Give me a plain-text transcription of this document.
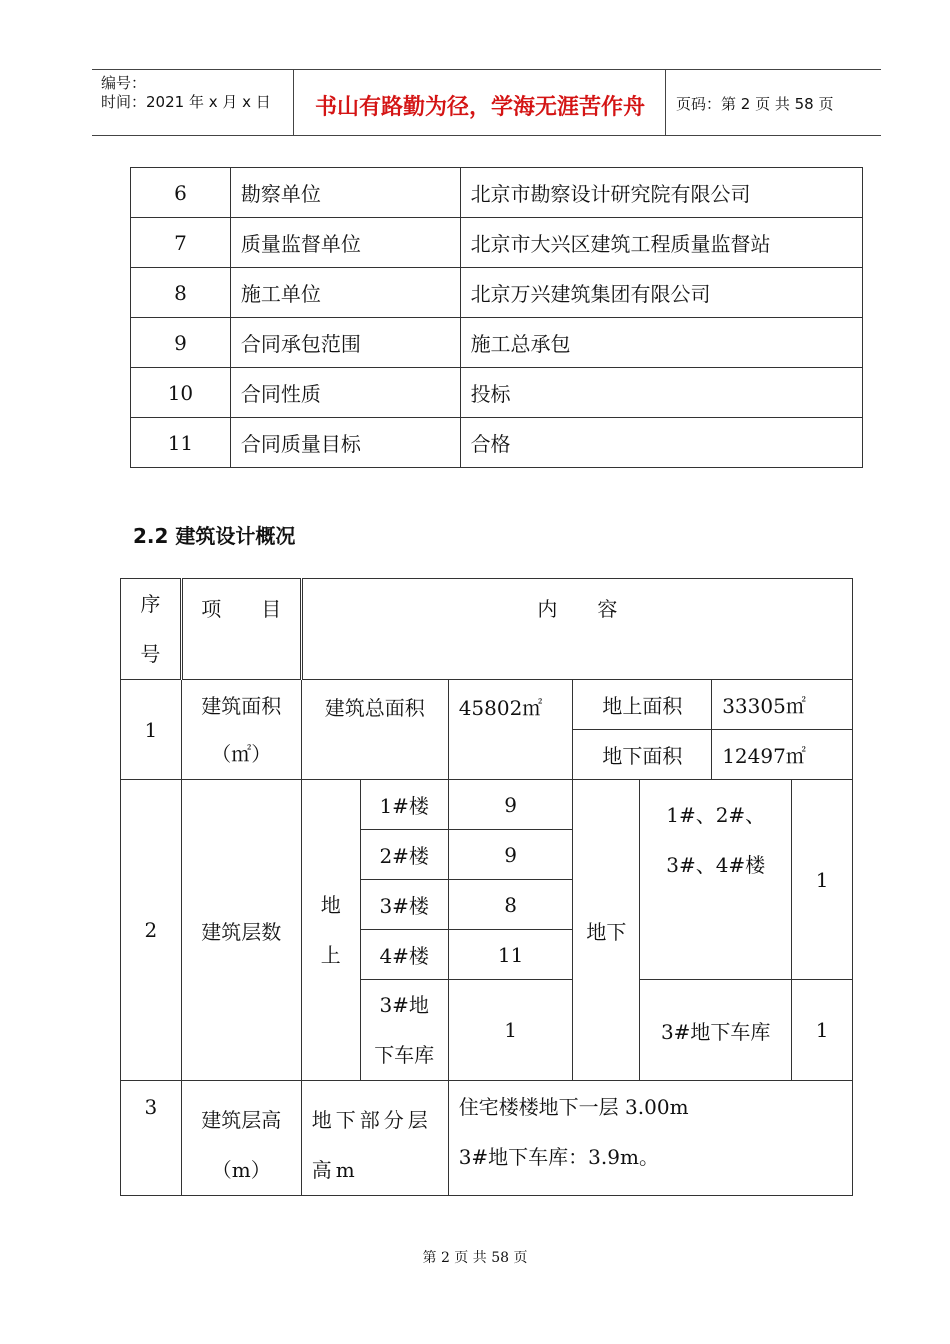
编号：
时间：2021 年 x 月 x 日	书山有路勤为径，学海无涯苦作舟	页码：第 2 页 共 58 页
6	勘察单位	北京市勘察设计研究院有限公司
7	质量监督单位	北京市大兴区建筑工程质量监督站
8	施工单位	北京万兴建筑集团有限公司
9	合同承包范围	施工总承包
10	合同性质	投标
11	合同质量目标	合格
2.2 建筑设计概况
序号	项　　目	内　　容						
1	建筑面积（㎡）	建筑总面积		45802㎡	地上面积		33305㎡	
					地下面积		12497㎡	
2	建筑层数	地上	1#楼	9	地下	1#、2#、3#、4#楼		1
			2#楼	9				
			3#楼	8				
			4#楼	11				
			3#地下车库	1		3#地下车库		1
3	建筑层高（m）	地下部分层高m		住宅楼楼地下一层 3.00m
3#地下车库：3.9m。				
第 2 页 共 58 页
